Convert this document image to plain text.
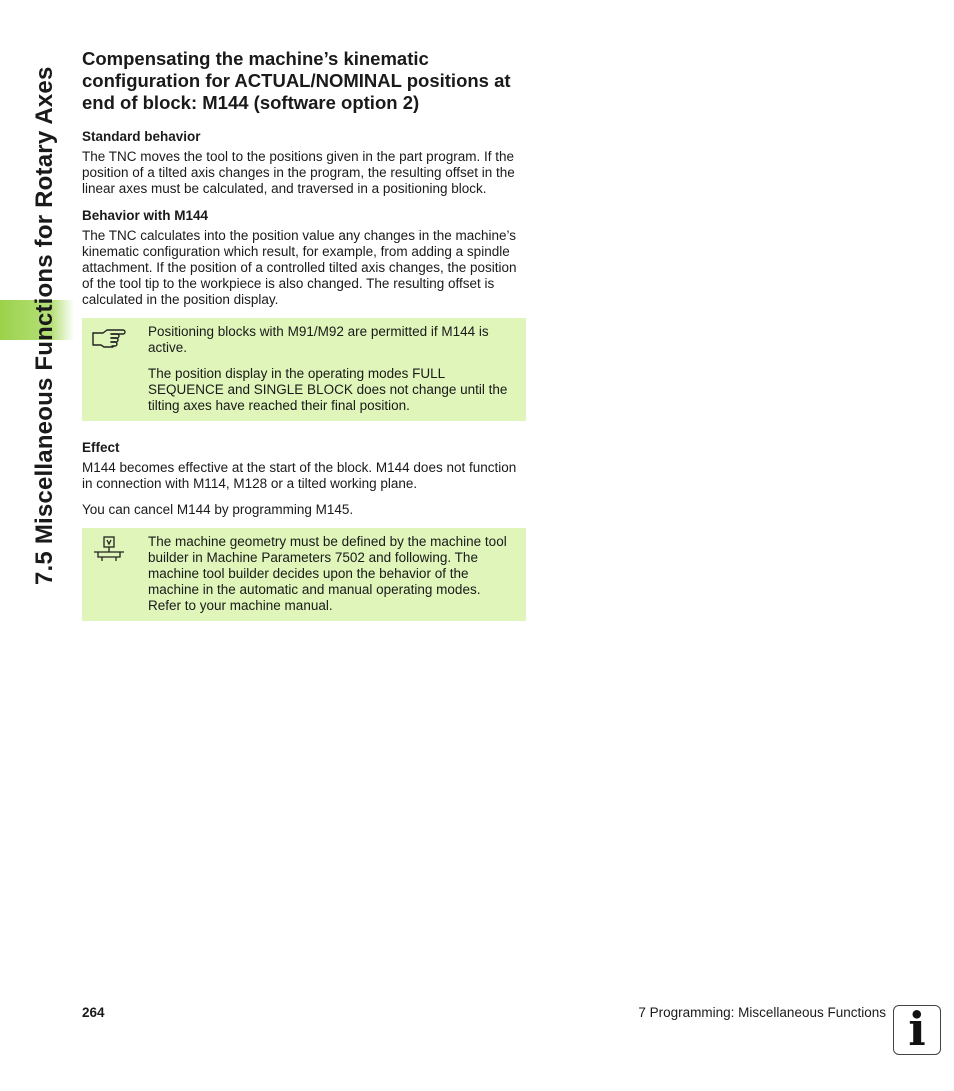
7.5 Miscellaneous Functions for Rotary Axes
Compensating the machine’s kinematic configuration for ACTUAL/NOMINAL positions at end of block: M144 (software option 2)
Standard behavior

The TNC moves the tool to the positions given in the part program. If the position of a tilted axis changes in the program, the resulting offset in the linear axes must be calculated, and traversed in a positioning block.

Behavior with M144

The TNC calculates into the position value any changes in the machine’s kinematic configuration which result, for example, from adding a spindle attachment. If the position of a controlled tilted axis changes, the position of the tool tip to the workpiece is also changed. The resulting offset is calculated in the position display.

Positioning blocks with M91/M92 are permitted if M144 is active.

The position display in the operating modes FULL SEQUENCE and SINGLE BLOCK does not change until the tilting axes have reached their final position.

Effect

M144 becomes effective at the start of the block. M144 does not function in connection with M114, M128 or a tilted working plane.

You can cancel M144 by programming M145.

The machine geometry must be defined by the machine tool builder in Machine Parameters 7502 and following. The machine tool builder decides upon the behavior of the machine in the automatic and manual operating modes. Refer to your machine manual.

264	7 Programming: Miscellaneous Functions i
